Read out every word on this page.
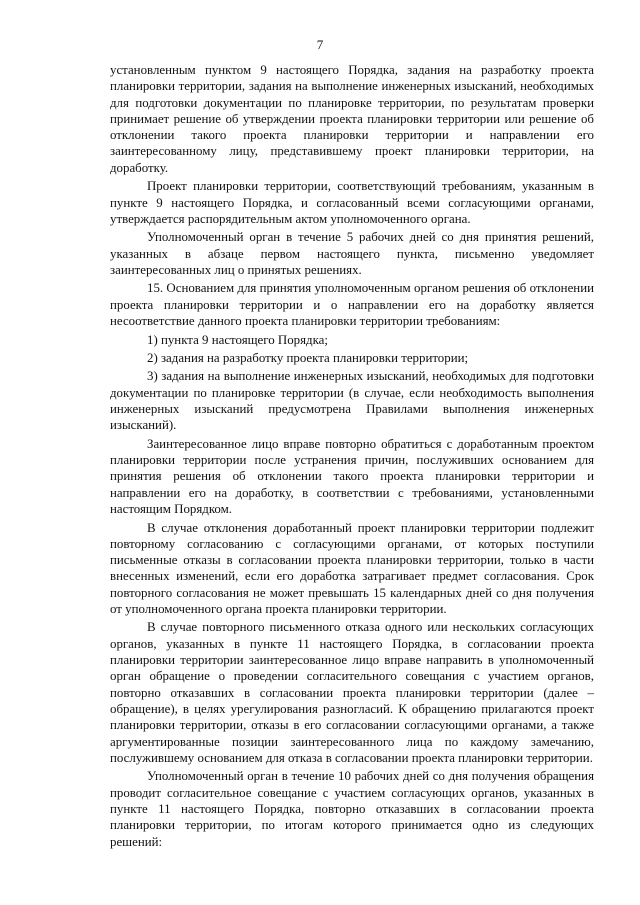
7

установленным пунктом 9 настоящего Порядка, задания на разработку проекта планировки территории, задания на выполнение инженерных изысканий, необходимых для подготовки документации по планировке территории, по результатам проверки принимает решение об утверждении проекта планировки территории или решение об отклонении такого проекта планировки территории и направлении его заинтересованному лицу, представившему проект планировки территории, на доработку.

Проект планировки территории, соответствующий требованиям, указанным в пункте 9 настоящего Порядка, и согласованный всеми согласующими органами, утверждается распорядительным актом уполномоченного органа.

Уполномоченный орган в течение 5 рабочих дней со дня принятия решений, указанных в абзаце первом настоящего пункта, письменно уведомляет заинтересованных лиц о принятых решениях.

15. Основанием для принятия уполномоченным органом решения об отклонении проекта планировки территории и о направлении его на доработку является несоответствие данного проекта планировки территории требованиям:

1) пункта 9 настоящего Порядка;

2) задания на разработку проекта планировки территории;

3) задания на выполнение инженерных изысканий, необходимых для подготовки документации по планировке территории (в случае, если необходимость выполнения инженерных изысканий предусмотрена Правилами выполнения инженерных изысканий).

Заинтересованное лицо вправе повторно обратиться с доработанным проектом планировки территории после устранения причин, послуживших основанием для принятия решения об отклонении такого проекта планировки территории и направлении его на доработку, в соответствии с требованиями, установленными настоящим Порядком.

В случае отклонения доработанный проект планировки территории подлежит повторному согласованию с согласующими органами, от которых поступили письменные отказы в согласовании проекта планировки территории, только в части внесенных изменений, если его доработка затрагивает предмет согласования. Срок повторного согласования не может превышать 15 календарных дней со дня получения от уполномоченного органа проекта планировки территории.

В случае повторного письменного отказа одного или нескольких согласующих органов, указанных в пункте 11 настоящего Порядка, в согласовании проекта планировки территории заинтересованное лицо вправе направить в уполномоченный орган обращение о проведении согласительного совещания с участием органов, повторно отказавших в согласовании проекта планировки территории (далее – обращение), в целях урегулирования разногласий. К обращению прилагаются проект планировки территории, отказы в его согласовании согласующими органами, а также аргументированные позиции заинтересованного лица по каждому замечанию, послужившему основанием для отказа в согласовании проекта планировки территории.

Уполномоченный орган в течение 10 рабочих дней со дня получения обращения проводит согласительное совещание с участием согласующих органов, указанных в пункте 11 настоящего Порядка, повторно отказавших в согласовании проекта планировки территории, по итогам которого принимается одно из следующих решений:
